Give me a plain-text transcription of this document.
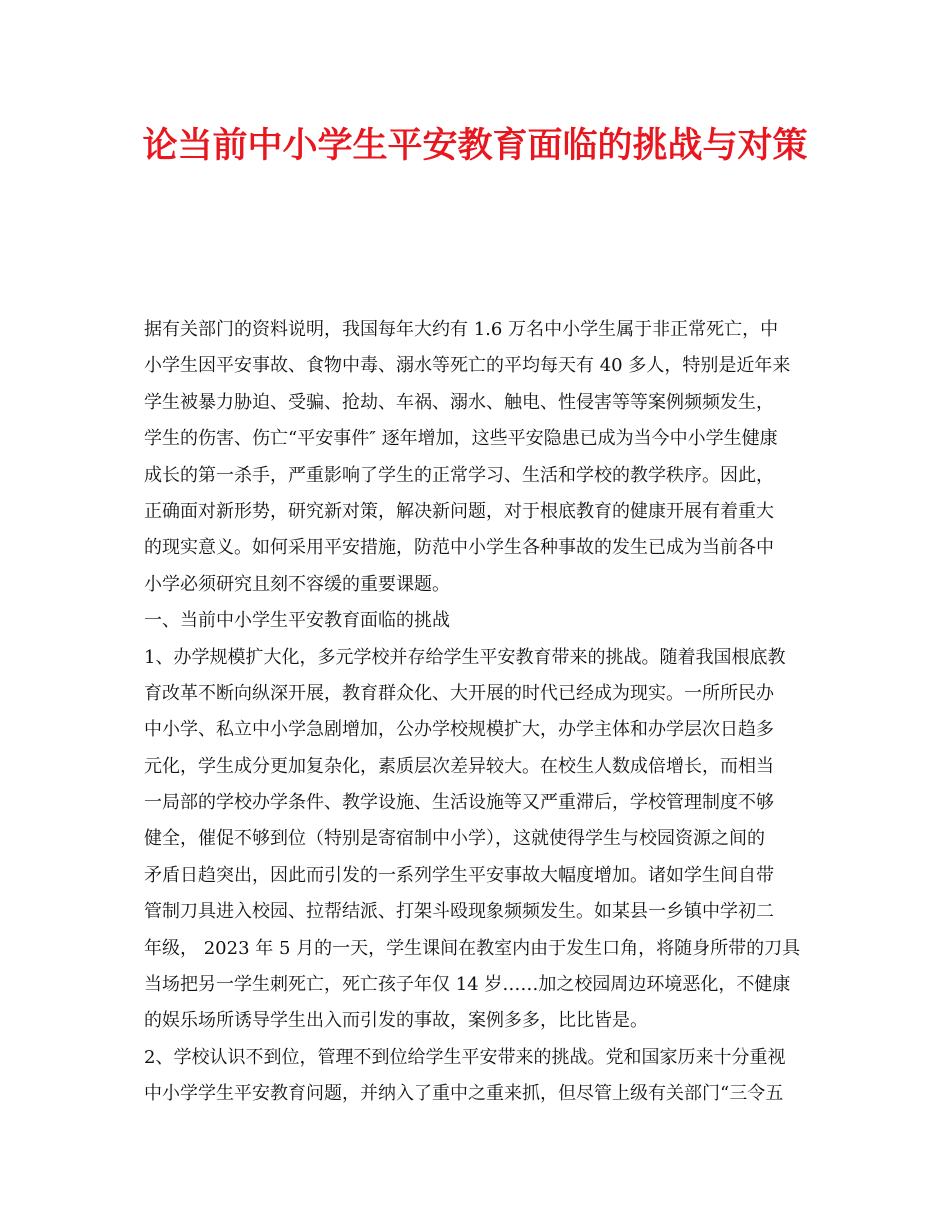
论当前中小学生平安教育面临的挑战与对策
据有关部门的资料说明，我国每年大约有 1.6 万名中小学生属于非正常死亡，中
小学生因平安事故、食物中毒、溺水等死亡的平均每天有 40 多人，特别是近年来
学生被暴力胁迫、受骗、抢劫、车祸、溺水、触电、性侵害等等案例频频发生，
学生的伤害、伤亡“平安事件″ 逐年增加，这些平安隐患已成为当今中小学生健康
成长的第一杀手，严重影响了学生的正常学习、生活和学校的教学秩序。因此，
正确面对新形势，研究新对策，解决新问题，对于根底教育的健康开展有着重大
的现实意义。如何采用平安措施，防范中小学生各种事故的发生已成为当前各中
小学必须研究且刻不容缓的重要课题。
一、当前中小学生平安教育面临的挑战
1、办学规模扩大化，多元学校并存给学生平安教育带来的挑战。随着我国根底教
育改革不断向纵深开展，教育群众化、大开展的时代已经成为现实。一所所民办
中小学、私立中小学急剧增加，公办学校规模扩大，办学主体和办学层次日趋多
元化，学生成分更加复杂化，素质层次差异较大。在校生人数成倍增长，而相当
一局部的学校办学条件、教学设施、生活设施等又严重滞后，学校管理制度不够
健全，催促不够到位（特别是寄宿制中小学），这就使得学生与校园资源之间的
矛盾日趋突出，因此而引发的一系列学生平安事故大幅度增加。诸如学生间自带
管制刀具进入校园、拉帮结派、打架斗殴现象频频发生。如某县一乡镇中学初二
年级， 2023 年 5 月的一天，学生课间在教室内由于发生口角，将随身所带的刀具
当场把另一学生刺死亡，死亡孩子年仅 14 岁……加之校园周边环境恶化，不健康
的娱乐场所诱导学生出入而引发的事故，案例多多，比比皆是。
2、学校认识不到位，管理不到位给学生平安带来的挑战。党和国家历来十分重视
中小学学生平安教育问题，并纳入了重中之重来抓，但尽管上级有关部门“三令五
